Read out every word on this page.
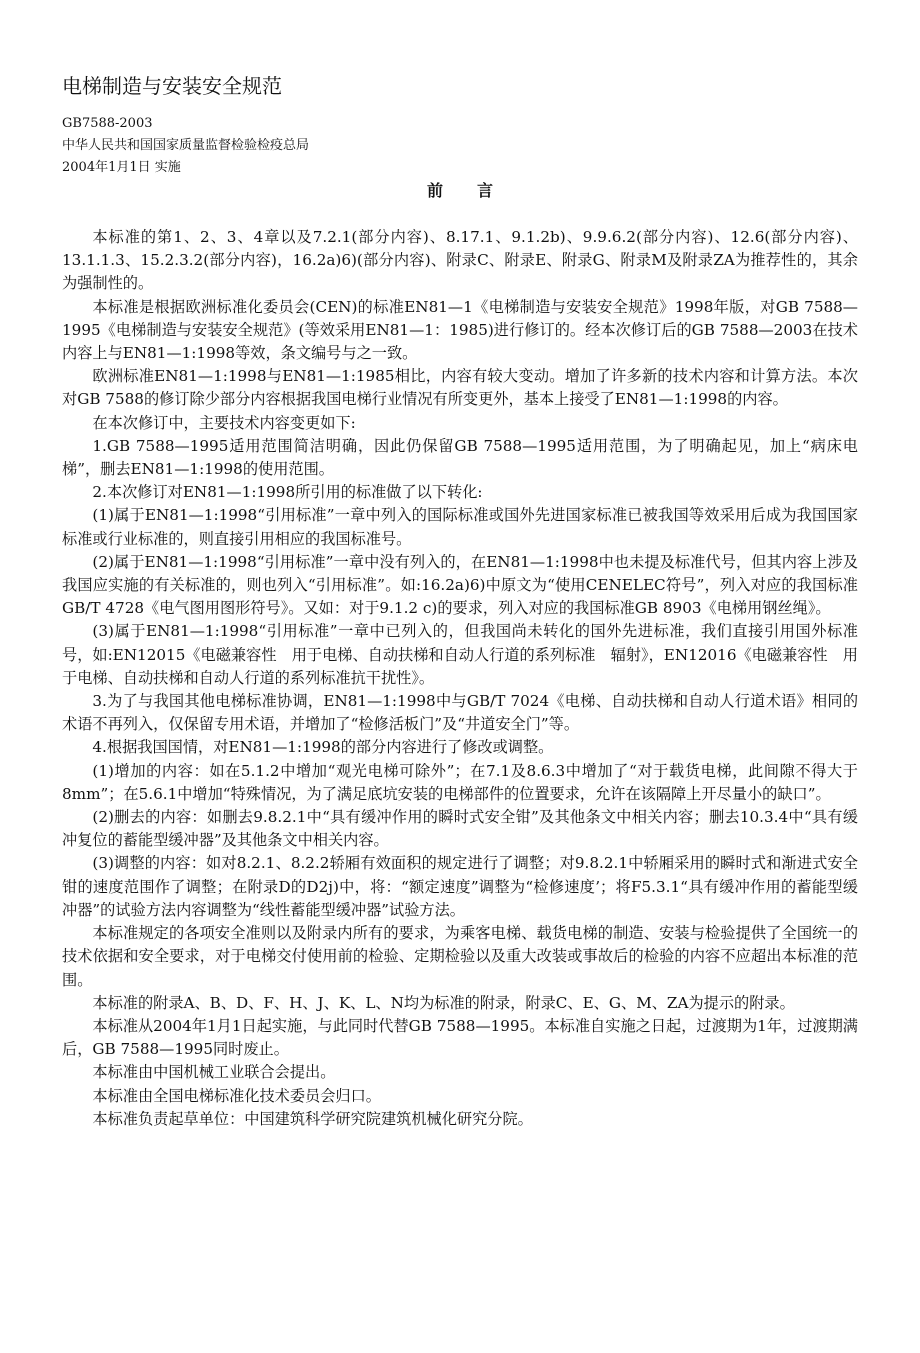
电梯制造与安装安全规范
GB7588-2003
中华人民共和国国家质量监督检验检疫总局
2004年1月1日 实施
前言

本标准的第1、2、3、4章以及7.2.1(部分内容)、8.17.1、9.1.2b)、9.9.6.2(部分内容)、12.6(部分内容)、13.1.1.3、15.2.3.2(部分内容)，16.2a)6)(部分内容)、附录C、附录E、附录G、附录M及附录ZA为推荐性的，其余为强制性的。

本标准是根据欧洲标准化委员会(CEN)的标准EN81—1《电梯制造与安装安全规范》1998年版，对GB 7588—1995《电梯制造与安装安全规范》(等效采用EN81—1：1985)进行修订的。经本次修订后的GB 7588—2003在技术内容上与EN81—1:1998等效，条文编号与之一致。

欧洲标准EN81—1:1998与EN81—1:1985相比，内容有较大变动。增加了许多新的技术内容和计算方法。本次对GB 7588的修订除少部分内容根据我国电梯行业情况有所变更外，基本上接受了EN81—1:1998的内容。

在本次修订中，主要技术内容变更如下:

1.GB 7588—1995适用范围简洁明确，因此仍保留GB 7588—1995适用范围，为了明确起见，加上“病床电梯”，删去EN81—1:1998的使用范围。

2.本次修订对EN81—1:1998所引用的标准做了以下转化:

(1)属于EN81—1:1998“引用标准”一章中列入的国际标准或国外先进国家标准已被我国等效采用后成为我国国家标准或行业标准的，则直接引用相应的我国标准号。

(2)属于EN81—1:1998“引用标准”一章中没有列入的，在EN81—1:1998中也未提及标准代号，但其内容上涉及我国应实施的有关标准的，则也列入“引用标准”。如:16.2a)6)中原文为“使用CENELEC符号”，列入对应的我国标准GB/T 4728《电气图用图形符号》。又如：对于9.1.2 c)的要求，列入对应的我国标准GB 8903《电梯用钢丝绳》。

(3)属于EN81—1:1998“引用标准”一章中已列入的，但我国尚未转化的国外先进标准，我们直接引用国外标准号，如:EN12015《电磁兼容性　用于电梯、自动扶梯和自动人行道的系列标准　辐射》，EN12016《电磁兼容性　用于电梯、自动扶梯和自动人行道的系列标准抗干扰性》。

3.为了与我国其他电梯标准协调，EN81—1:1998中与GB/T 7024《电梯、自动扶梯和自动人行道术语》相同的术语不再列入，仅保留专用术语，并增加了“检修活板门”及“井道安全门”等。

4.根据我国国情，对EN81—1:1998的部分内容进行了修改或调整。

(1)增加的内容：如在5.1.2中增加“观光电梯可除外”；在7.1及8.6.3中增加了“对于载货电梯，此间隙不得大于8mm”；在5.6.1中增加“特殊情况，为了满足底坑安装的电梯部件的位置要求，允许在该隔障上开尽量小的缺口”。

(2)删去的内容：如删去9.8.2.1中“具有缓冲作用的瞬时式安全钳”及其他条文中相关内容；删去10.3.4中“具有缓冲复位的蓄能型缓冲器”及其他条文中相关内容。

(3)调整的内容：如对8.2.1、8.2.2轿厢有效面积的规定进行了调整；对9.8.2.1中轿厢采用的瞬时式和渐进式安全钳的速度范围作了调整；在附录D的D2j)中，将：“额定速度”调整为“检修速度’；将F5.3.1“具有缓冲作用的蓄能型缓冲器”的试验方法内容调整为“线性蓄能型缓冲器”试验方法。

本标准规定的各项安全准则以及附录内所有的要求，为乘客电梯、载货电梯的制造、安装与检验提供了全国统一的技术依据和安全要求，对于电梯交付使用前的检验、定期检验以及重大改装或事故后的检验的内容不应超出本标准的范围。

本标准的附录A、B、D、F、H、J、K、L、N均为标准的附录，附录C、E、G、M、ZA为提示的附录。

本标准从2004年1月1日起实施，与此同时代替GB 7588—1995。本标准自实施之日起，过渡期为1年，过渡期满后，GB 7588—1995同时废止。

本标准由中国机械工业联合会提出。

本标准由全国电梯标准化技术委员会归口。

本标准负责起草单位：中国建筑科学研究院建筑机械化研究分院。
